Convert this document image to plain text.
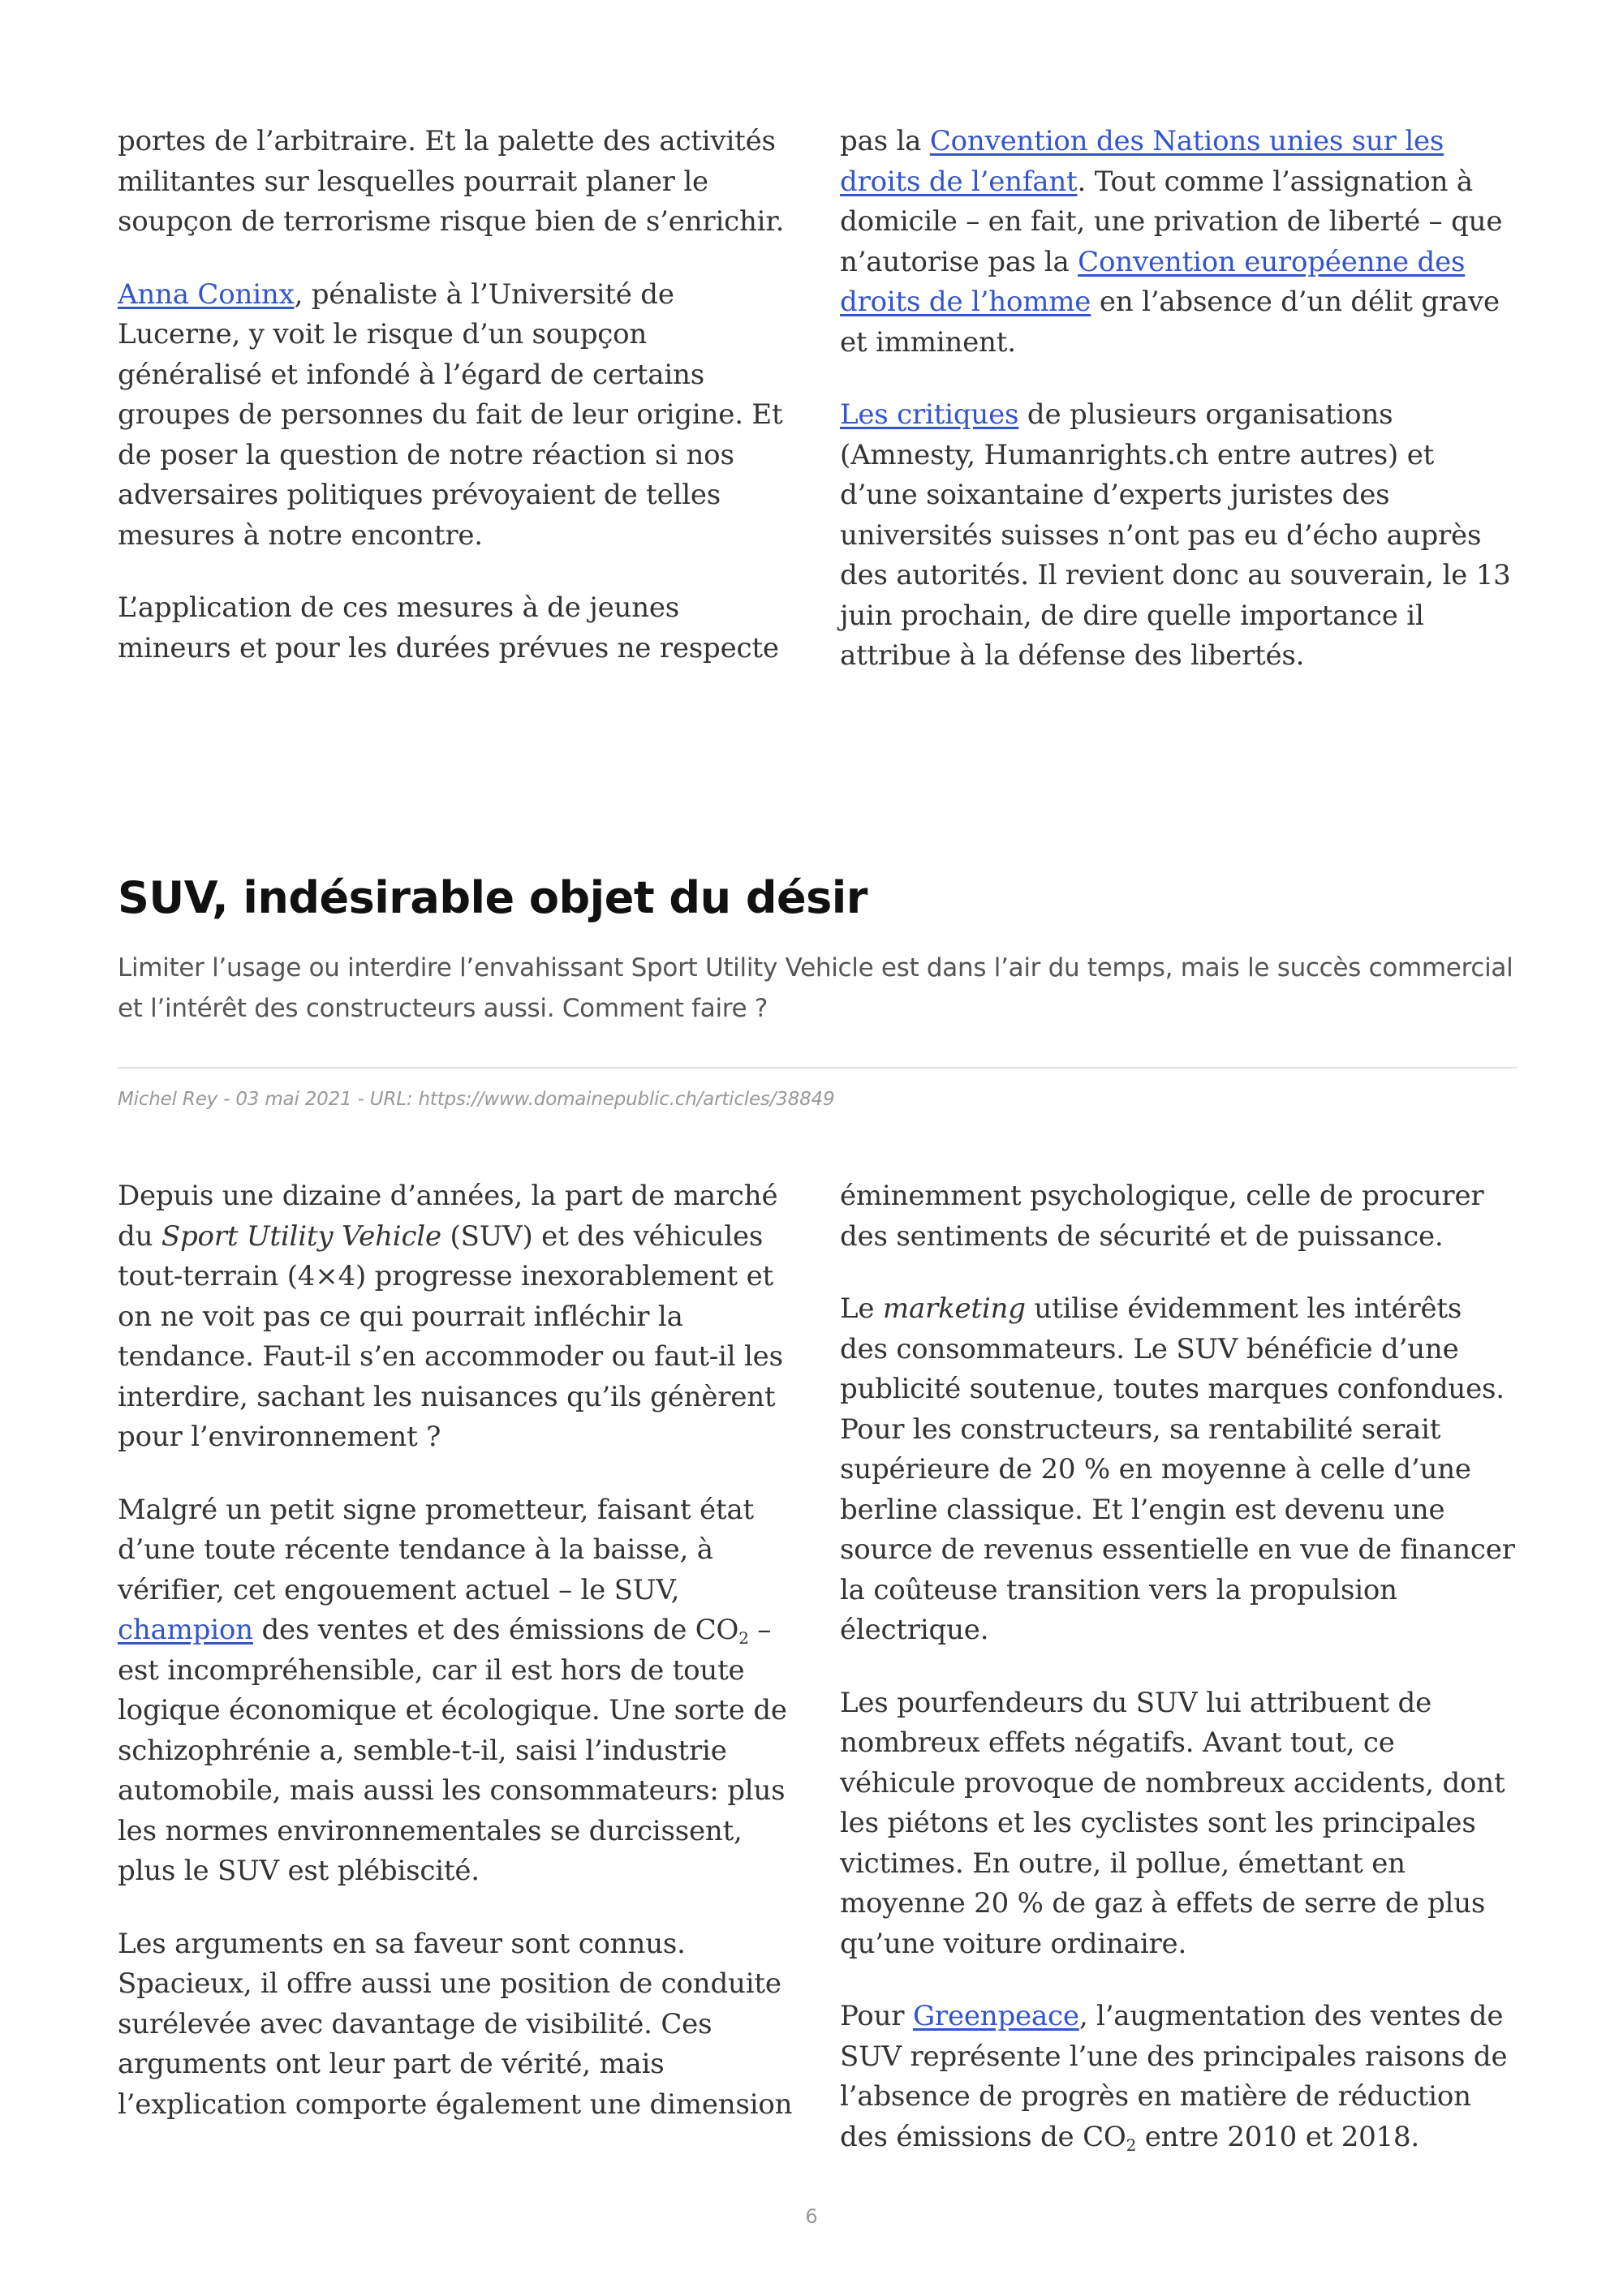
portes de l’arbitraire. Et la palette des activités militantes sur lesquelles pourrait planer le soupçon de terrorisme risque bien de s’enrichir.

Anna Coninx, pénaliste à l’Université de Lucerne, y voit le risque d’un soupçon généralisé et infondé à l’égard de certains groupes de personnes du fait de leur origine. Et de poser la question de notre réaction si nos adversaires politiques prévoyaient de telles mesures à notre encontre.

L’application de ces mesures à de jeunes mineurs et pour les durées prévues ne respecte

pas la Convention des Nations unies sur les droits de l’enfant. Tout comme l’assignation à domicile – en fait, une privation de liberté – que n’autorise pas la Convention européenne des droits de l’homme en l’absence d’un délit grave et imminent.

Les critiques de plusieurs organisations (Amnesty, Humanrights.ch entre autres) et d’une soixantaine d’experts juristes des universités suisses n’ont pas eu d’écho auprès des autorités. Il revient donc au souverain, le 13 juin prochain, de dire quelle importance il attribue à la défense des libertés.

SUV, indésirable objet du désir

Limiter l’usage ou interdire l’envahissant Sport Utility Vehicle est dans l’air du temps, mais le succès commercial et l’intérêt des constructeurs aussi. Comment faire ?

Michel Rey - 03 mai 2021 - URL: https://www.domainepublic.ch/articles/38849

Depuis une dizaine d’années, la part de marché du Sport Utility Vehicle (SUV) et des véhicules tout-terrain (4×4) progresse inexorablement et on ne voit pas ce qui pourrait infléchir la tendance. Faut-il s’en accommoder ou faut-il les interdire, sachant les nuisances qu’ils génèrent pour l’environnement ?

Malgré un petit signe prometteur, faisant état d’une toute récente tendance à la baisse, à vérifier, cet engouement actuel – le SUV, champion des ventes et des émissions de $CO_2$ – est incompréhensible, car il est hors de toute logique économique et écologique. Une sorte de schizophrénie a, semble-t-il, saisi l’industrie automobile, mais aussi les consommateurs: plus les normes environnementales se durcissent, plus le SUV est plébiscité.

Les arguments en sa faveur sont connus. Spacieux, il offre aussi une position de conduite surélevée avec davantage de visibilité. Ces arguments ont leur part de vérité, mais l’explication comporte également une dimension

éminemment psychologique, celle de procurer des sentiments de sécurité et de puissance.

Le marketing utilise évidemment les intérêts des consommateurs. Le SUV bénéficie d’une publicité soutenue, toutes marques confondues. Pour les constructeurs, sa rentabilité serait supérieure de 20 % en moyenne à celle d’une berline classique. Et l’engin est devenu une source de revenus essentielle en vue de financer la coûteuse transition vers la propulsion électrique.

Les pourfendeurs du SUV lui attribuent de nombreux effets négatifs. Avant tout, ce véhicule provoque de nombreux accidents, dont les piétons et les cyclistes sont les principales victimes. En outre, il pollue, émettant en moyenne 20 % de gaz à effets de serre de plus qu’une voiture ordinaire.

Pour Greenpeace, l’augmentation des ventes de SUV représente l’une des principales raisons de l’absence de progrès en matière de réduction des émissions de $CO_2$ entre 2010 et 2018.

6
